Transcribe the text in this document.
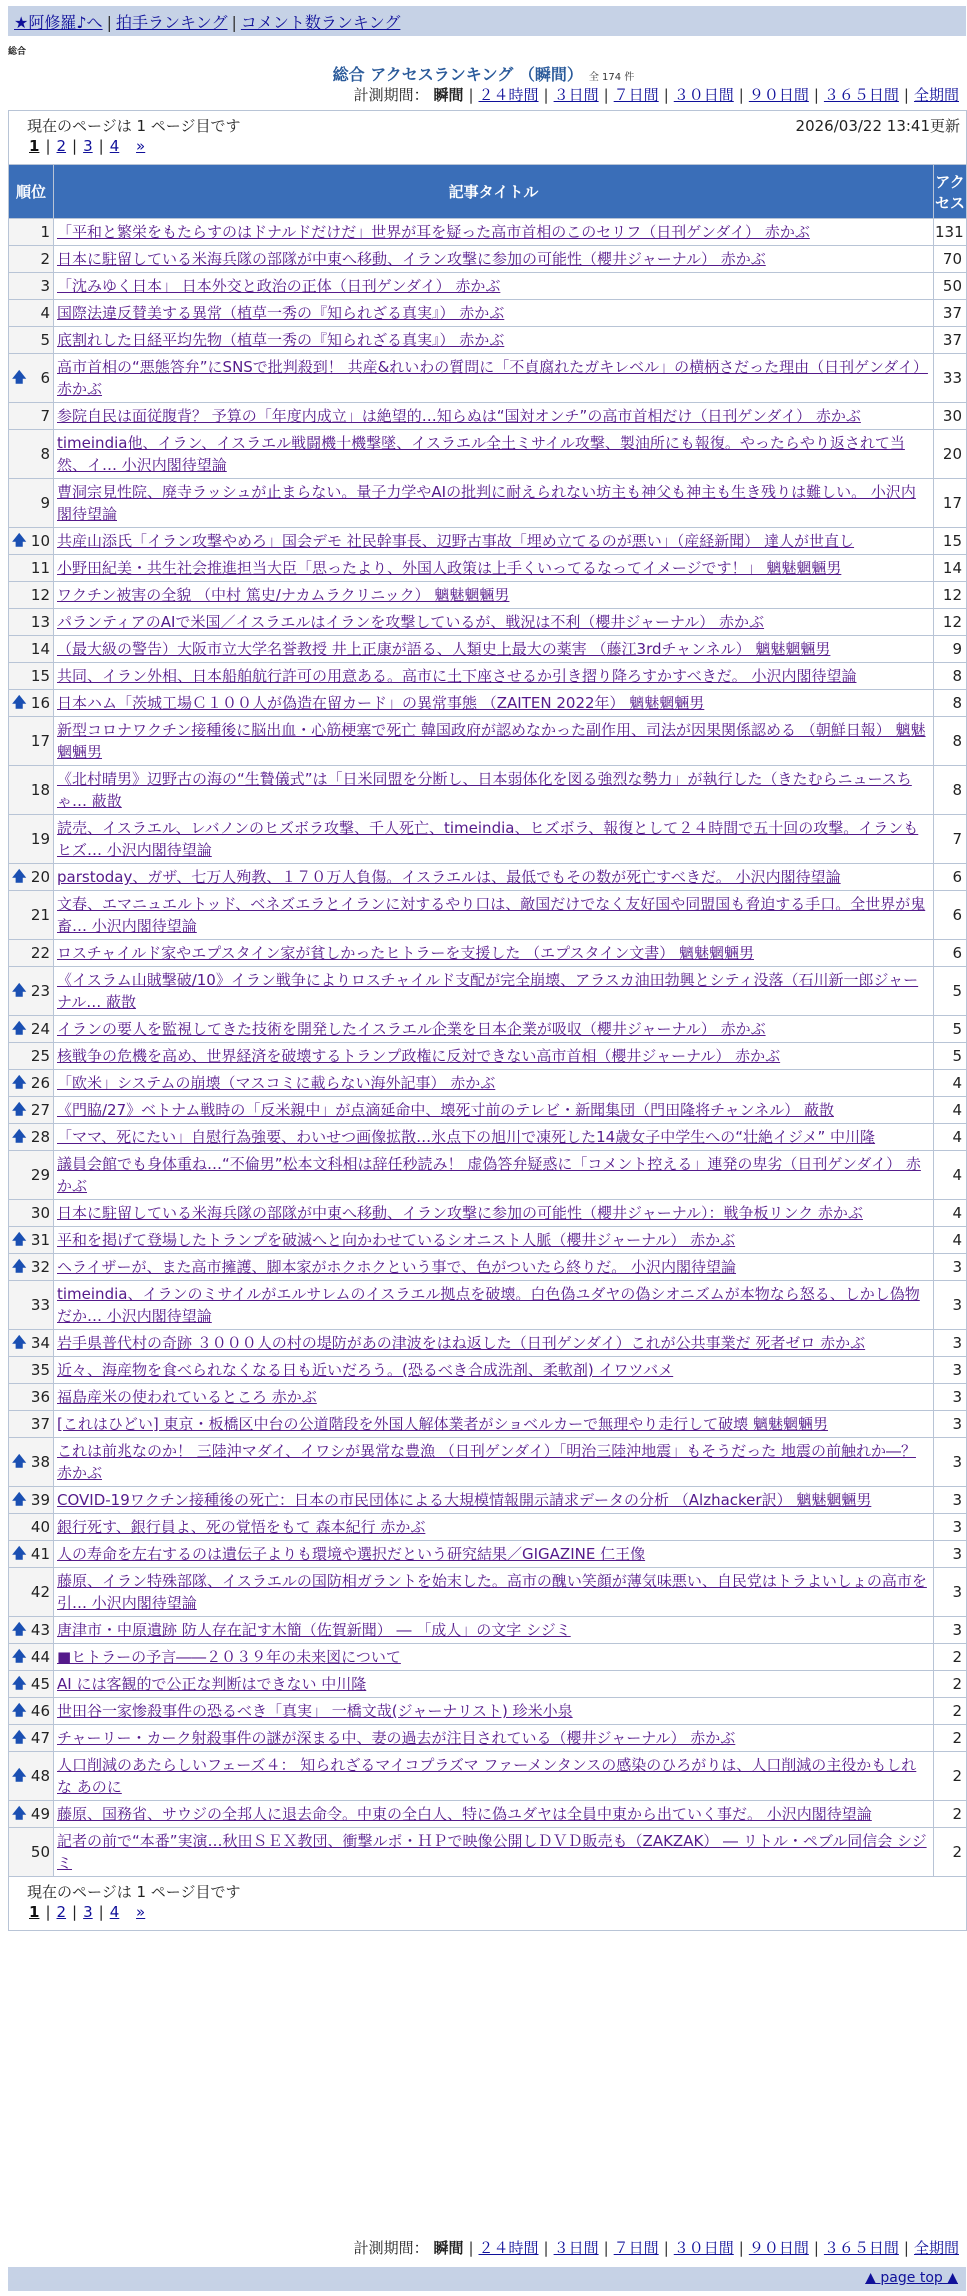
★阿修羅♪へ | 拍手ランキング | コメント数ランキング
総合
総合 アクセスランキング （瞬間） 全 174 件
計測期間： 瞬間 | ２４時間 | ３日間 | ７日間 | ３０日間 | ９０日間 | ３６５日間 | 全期間
現在のページは 1 ページ目です 2026/03/22 13:41更新
1 | 2 | 3 | 4 »		

順位	記事タイトル	アクセス
1	「平和と繁栄をもたらすのはドナルドだけだ」世界が耳を疑った高市首相のこのセリフ（日刊ゲンダイ） 赤かぶ	131
2	日本に駐留している米海兵隊の部隊が中東へ移動、イラン攻撃に参加の可能性（櫻井ジャーナル） 赤かぶ	70
3	「沈みゆく日本」 日本外交と政治の正体（日刊ゲンダイ） 赤かぶ	50
4	国際法違反賛美する異常（植草一秀の『知られざる真実』） 赤かぶ	37
5	底割れした日経平均先物（植草一秀の『知られざる真実』） 赤かぶ	37

🡅 6	高市首相の“悪態答弁”にSNSで批判殺到！ 共産&れいわの質問に「不貞腐れたガキレベル」の横柄さだった理由（日刊ゲンダイ） 赤かぶ	33
7	参院自民は面従腹背？ 予算の「年度内成立」は絶望的…知らぬは“国対オンチ”の高市首相だけ（日刊ゲンダイ） 赤かぶ	30
8	timeindia他、イラン、イスラエル戦闘機十機撃墜、イスラエル全土ミサイル攻撃、製油所にも報復。やったらやり返されて当然、イ… 小沢内閣待望論	20
9	曹洞宗見性院、廃寺ラッシュが止まらない。量子力学やAIの批判に耐えられない坊主も神父も神主も生き残りは難しい。 小沢内閣待望論	17

🡅 10	共産山添氏「イラン攻撃やめろ」国会デモ 社民幹事長、辺野古事故「埋め立てるのが悪い」（産経新聞） 達人が世直し	15
11	小野田紀美・共生社会推進担当大臣「思ったより、外国人政策は上手くいってるなってイメージです！」 魑魅魍魎男	14
12	ワクチン被害の全貌 （中村 篤史/ナカムラクリニック） 魑魅魍魎男	12
13	パランティアのAIで米国／イスラエルはイランを攻撃しているが、戦況は不利（櫻井ジャーナル） 赤かぶ	12
14	（最大級の警告）大阪市立大学名誉教授 井上正康が語る、人類史上最大の薬害 （藤江3rdチャンネル） 魑魅魍魎男	9
15	共同、イラン外相、日本船舶航行許可の用意ある。高市に土下座させるか引き摺り降ろすかすべきだ。 小沢内閣待望論	8

🡅 16	日本ハム「茨城工場Ｃ１００人が偽造在留カード」の異常事態 （ZAITEN 2022年） 魑魅魍魎男	8
17	新型コロナワクチン接種後に脳出血・心筋梗塞で死亡 韓国政府が認めなかった副作用、司法が因果関係認める （朝鮮日報） 魑魅魍魎男	8
18	《北村晴男》辺野古の海の“生贄儀式”は「日米同盟を分断し、日本弱体化を図る強烈な勢力」が執行した（きたむらニュースちゃ… 蔽㪚	8
19	読売、イスラエル、レバノンのヒズボラ攻撃、千人死亡、timeindia、ヒズボラ、報復として２４時間で五十回の攻撃。イランもヒズ… 小沢内閣待望論	7

🡅 20	parstoday、ガザ、七万人殉教、１７０万人負傷。イスラエルは、最低でもその数が死亡すべきだ。 小沢内閣待望論	6
21	文春、エマニュエルトッド、ベネズエラとイランに対するやり口は、敵国だけでなく友好国や同盟国も脅迫する手口。全世界が鬼畜… 小沢内閣待望論	6
22	ロスチャイルド家やエプスタイン家が貧しかったヒトラーを支援した （エプスタイン文書） 魑魅魍魎男	6

🡅 23	《イスラム山賊撃破/10》イラン戦争によりロスチャイルド支配が完全崩壊、アラスカ油田勃興とシティ没落（石川新一郎ジャーナル… 蔽㪚	5

🡅 24	イランの要人を監視してきた技術を開発したイスラエル企業を日本企業が吸収（櫻井ジャーナル） 赤かぶ	5
25	核戦争の危機を高め、世界経済を破壊するトランプ政権に反対できない高市首相（櫻井ジャーナル） 赤かぶ	5

🡅 26	「欧米」システムの崩壊（マスコミに載らない海外記事） 赤かぶ	4

🡅 27	《門脇/27》ベトナム戦時の「反米親中」が点滴延命中、壊死寸前のテレビ・新聞集団（門田隆将チャンネル） 蔽㪚	4

🡅 28	「ママ、死にたい」自慰行為強要、わいせつ画像拡散…氷点下の旭川で凍死した14歳女子中学生への“壮絶イジメ” 中川隆	4
29	議員会館でも身体重ね…“不倫男”松本文科相は辞任秒読み！ 虚偽答弁疑惑に「コメント控える」連発の卑劣（日刊ゲンダイ） 赤かぶ	4
30	日本に駐留している米海兵隊の部隊が中東へ移動、イラン攻撃に参加の可能性（櫻井ジャーナル）：戦争板リンク 赤かぶ	4

🡅 31	平和を掲げて登場したトランプを破滅へと向かわせているシオニスト人脈（櫻井ジャーナル） 赤かぶ	4

🡅 32	ヘライザーが、また高市擁護、脚本家がホクホクという事で、色がついたら終りだ。 小沢内閣待望論	3
33	timeindia、イランのミサイルがエルサレムのイスラエル拠点を破壊。白色偽ユダヤの偽シオニズムが本物なら怒る、しかし偽物だか… 小沢内閣待望論	3

🡅 34	岩手県普代村の奇跡 ３０００人の村の堤防があの津波をはね返した（日刊ゲンダイ）これが公共事業だ 死者ゼロ 赤かぶ	3
35	近々、海産物を食べられなくなる日も近いだろう。(恐るべき合成洗剤、柔軟剤) イワツバメ	3
36	福島産米の使われているところ 赤かぶ	3
37	[これはひどい] 東京・板橋区中台の公道階段を外国人解体業者がショベルカーで無理やり走行して破壊 魑魅魍魎男	3

🡅 38	これは前兆なのか！ 三陸沖マダイ、イワシが異常な豊漁 （日刊ゲンダイ）「明治三陸沖地震」もそうだった 地震の前触れか―？ 赤かぶ	3

🡅 39	COVID-19ワクチン接種後の死亡：日本の市民団体による大規模情報開示請求データの分析 （Alzhacker訳） 魑魅魍魎男	3
40	銀行死す、銀行員よ、死の覚悟をもて 森本紀行 赤かぶ	3

🡅 41	人の寿命を左右するのは遺伝子よりも環境や選択だという研究結果／GIGAZINE 仁王像	3
42	藤原、イラン特殊部隊、イスラエルの国防相ガラントを始末した。高市の醜い笑顔が薄気味悪い、自民党はトラよいしょの高市を引… 小沢内閣待望論	3

🡅 43	唐津市・中原遺跡 防人存在記す木簡（佐賀新聞） ― 「成人」の文字 シジミ	3

🡅 44	■ヒトラーの予言――２０３９年の未来図について	2

🡅 45	AI には客観的で公正な判断はできない 中川隆	2

🡅 46	世田谷一家惨殺事件の恐るべき「真実」 一橋文哉(ジャーナリスト) 珍米小泉	2

🡅 47	チャーリー・カーク射殺事件の謎が深まる中、妻の過去が注目されている（櫻井ジャーナル） 赤かぶ	2

🡅 48	人口削減のあたらしいフェーズ４： 知られざるマイコプラズマ ファーメンタンスの感染のひろがりは、人口削減の主役かもしれな あのに	2

🡅 49	藤原、国務省、サウジの全邦人に退去命令。中東の全白人、特に偽ユダヤは全員中東から出ていく事だ。 小沢内閣待望論	2
50	記者の前で“本番”実演…秋田ＳＥＸ教団、衝撃ルポ・ＨＰで映像公開しＤＶＤ販売も（ZAKZAK） ― リトル・ペブル同信会 シジミ	2

現在のページは 1 ページ目です
1 | 2 | 3 | 4 »		
計測期間： 瞬間 | ２４時間 | ３日間 | ７日間 | ３０日間 | ９０日間 | ３６５日間 | 全期間
▲ page top ▲
